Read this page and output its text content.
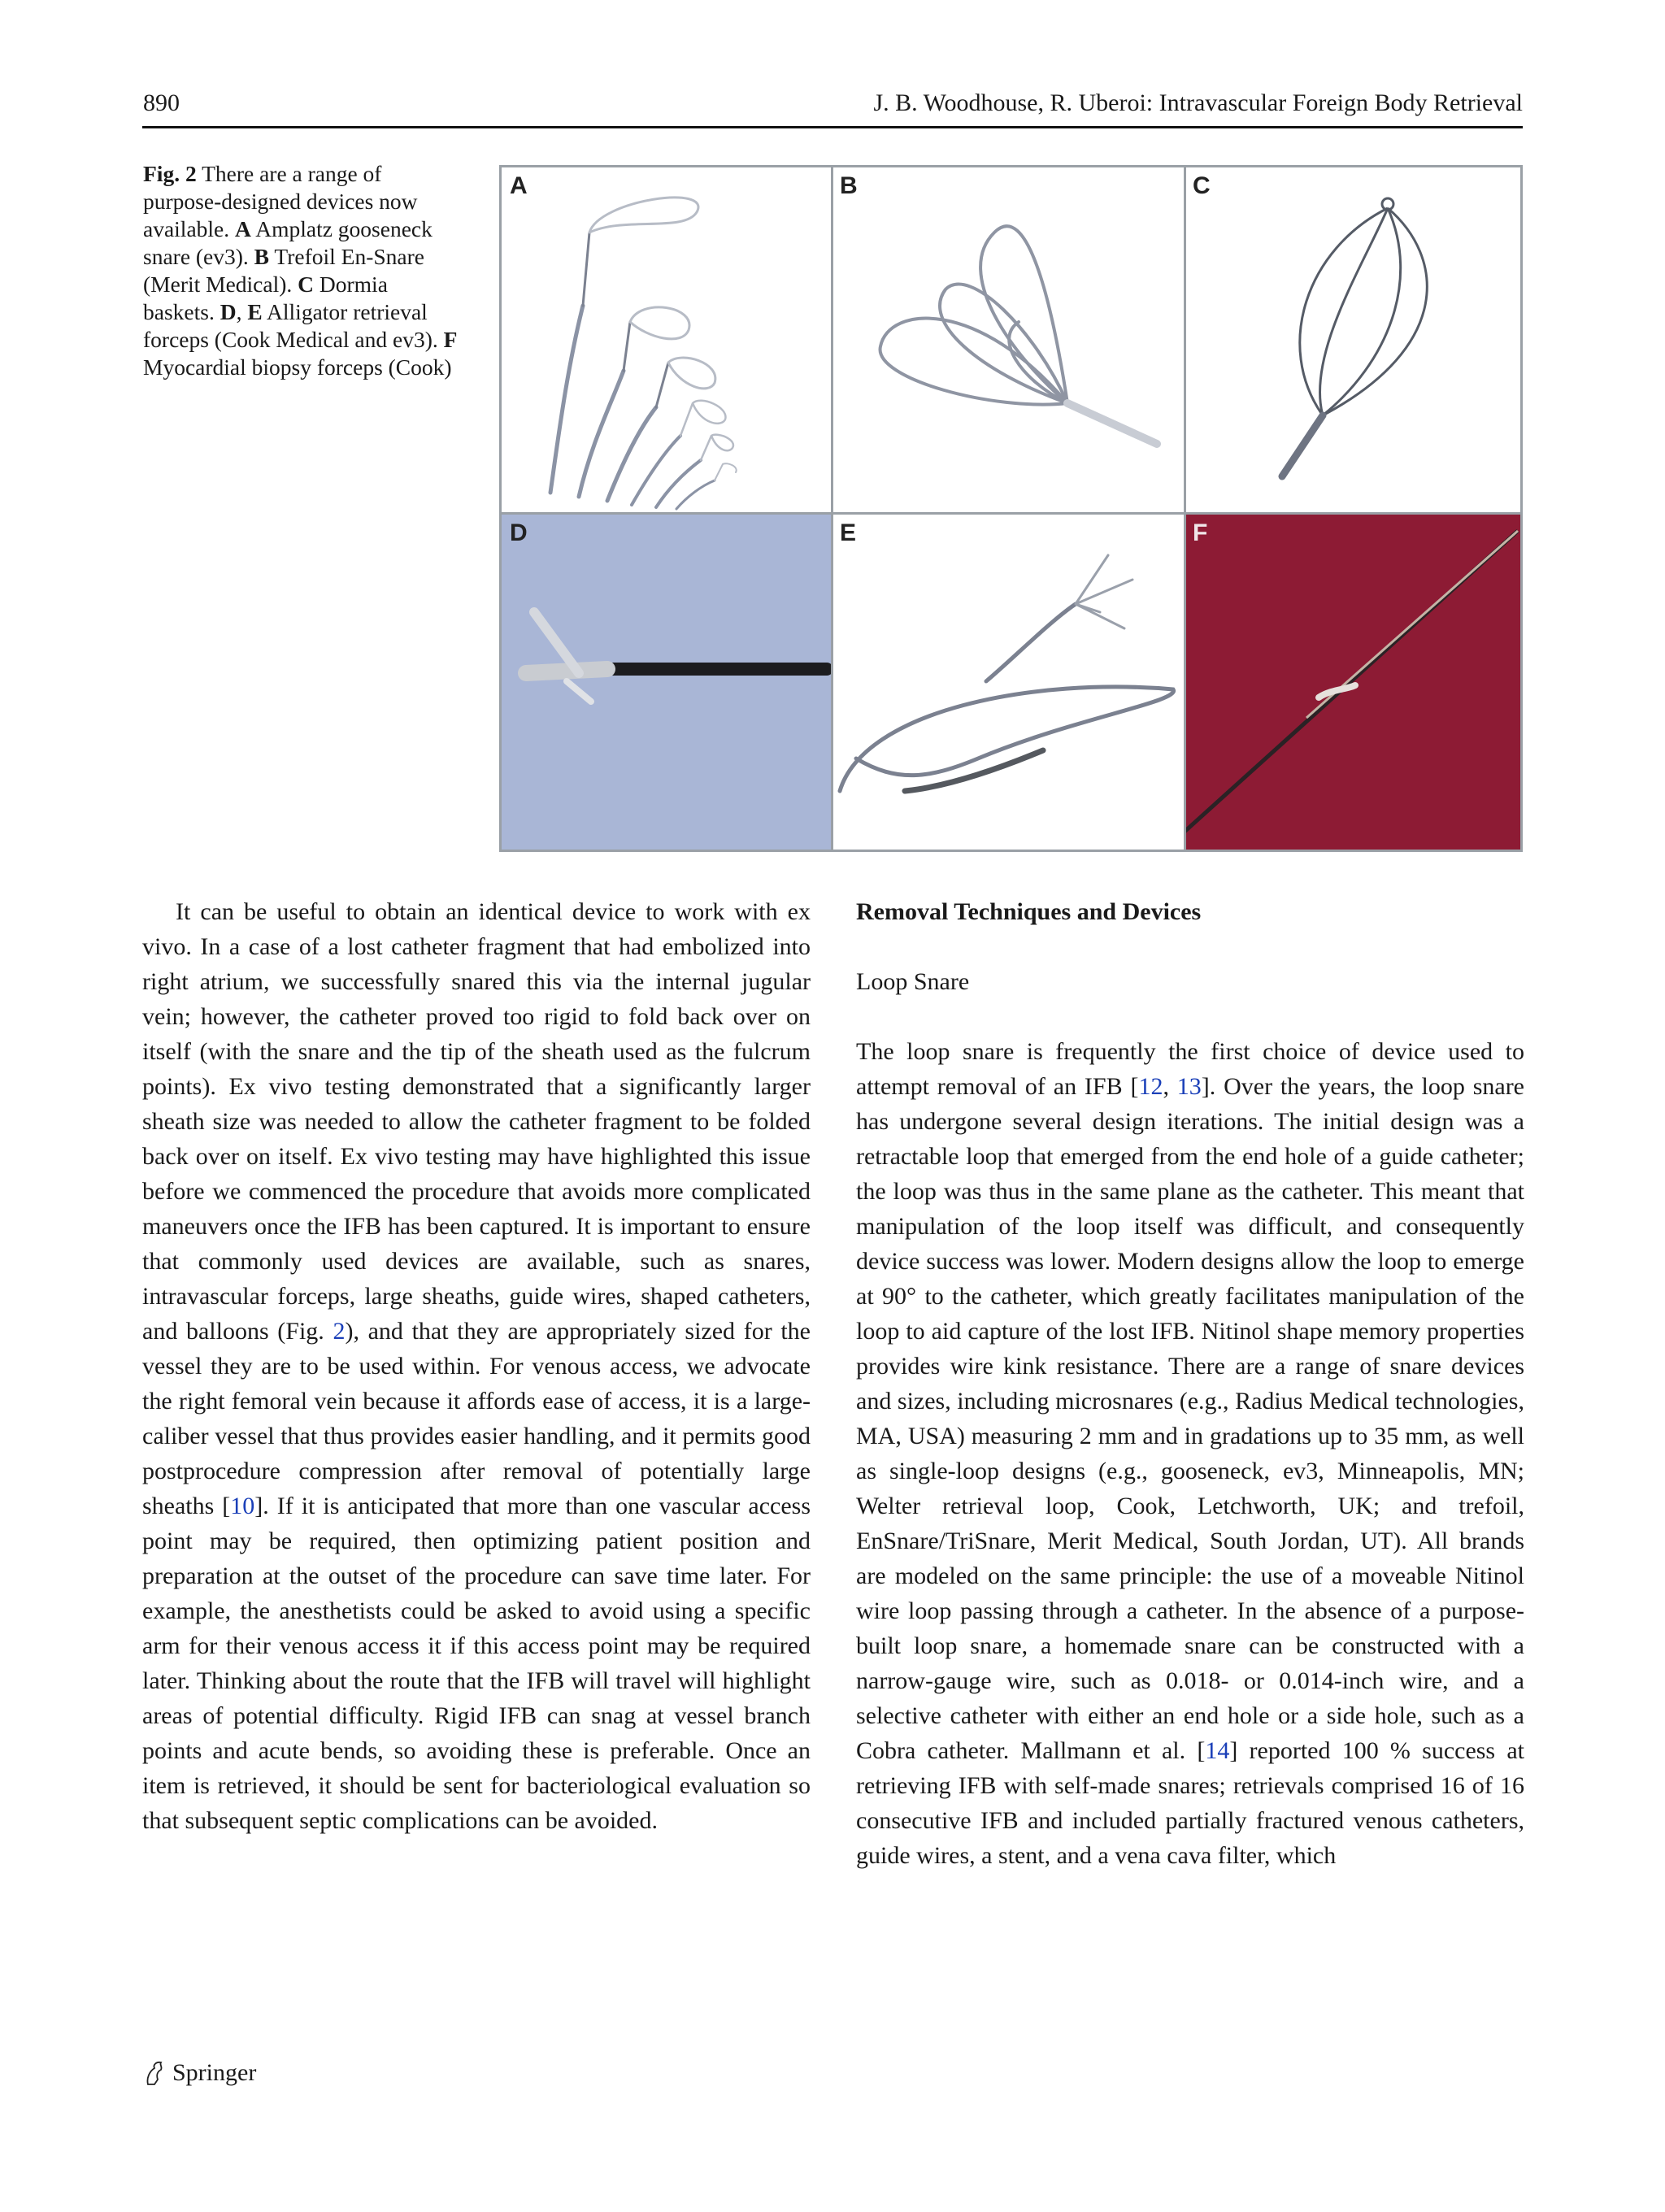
890	J. B. Woodhouse, R. Uberoi: Intravascular Foreign Body Retrieval
Fig. 2 There are a range of purpose-designed devices now available. A Amplatz gooseneck snare (ev3). B Trefoil En-Snare (Merit Medical). C Dormia baskets. D, E Alligator retrieval forceps (Cook Medical and ev3). F Myocardial biopsy forceps (Cook)
A	B	C
D	E	F

It can be useful to obtain an identical device to work with ex vivo. In a case of a lost catheter fragment that had embolized into right atrium, we successfully snared this via the internal jugular vein; however, the catheter proved too rigid to fold back over on itself (with the snare and the tip of the sheath used as the fulcrum points). Ex vivo testing demonstrated that a significantly larger sheath size was needed to allow the catheter fragment to be folded back over on itself. Ex vivo testing may have highlighted this issue before we commenced the procedure that avoids more complicated maneuvers once the IFB has been captured. It is important to ensure that commonly used devices are available, such as snares, intravascular forceps, large sheaths, guide wires, shaped catheters, and balloons (Fig. 2), and that they are appropriately sized for the vessel they are to be used within. For venous access, we advocate the right femoral vein because it affords ease of access, it is a large-caliber vessel that thus provides easier handling, and it permits good postprocedure compression after removal of potentially large sheaths [10]. If it is anticipated that more than one vascular access point may be required, then optimizing patient position and preparation at the outset of the procedure can save time later. For example, the anesthetists could be asked to avoid using a specific arm for their venous access it if this access point may be required later. Thinking about the route that the IFB will travel will highlight areas of potential difficulty. Rigid IFB can snag at vessel branch points and acute bends, so avoiding these is preferable. Once an item is retrieved, it should be sent for bacteriological evaluation so that subsequent septic complications can be avoided.

Removal Techniques and Devices
Loop Snare

The loop snare is frequently the first choice of device used to attempt removal of an IFB [12, 13]. Over the years, the loop snare has undergone several design iterations. The initial design was a retractable loop that emerged from the end hole of a guide catheter; the loop was thus in the same plane as the catheter. This meant that manipulation of the loop itself was difficult, and consequently device success was lower. Modern designs allow the loop to emerge at 90° to the catheter, which greatly facilitates manipulation of the loop to aid capture of the lost IFB. Nitinol shape memory properties provides wire kink resistance. There are a range of snare devices and sizes, including microsnares (e.g., Radius Medical technologies, MA, USA) measuring 2 mm and in gradations up to 35 mm, as well as single-loop designs (e.g., gooseneck, ev3, Minneapolis, MN; Welter retrieval loop, Cook, Letchworth, UK; and trefoil, EnSnare/TriSnare, Merit Medical, South Jordan, UT). All brands are modeled on the same principle: the use of a moveable Nitinol wire loop passing through a catheter. In the absence of a purpose-built loop snare, a homemade snare can be constructed with a narrow-gauge wire, such as 0.018- or 0.014-inch wire, and a selective catheter with either an end hole or a side hole, such as a Cobra catheter. Mallmann et al. [14] reported 100 % success at retrieving IFB with self-made snares; retrievals comprised 16 of 16 consecutive IFB and included partially fractured venous catheters, guide wires, a stent, and a vena cava filter, which

Springer
